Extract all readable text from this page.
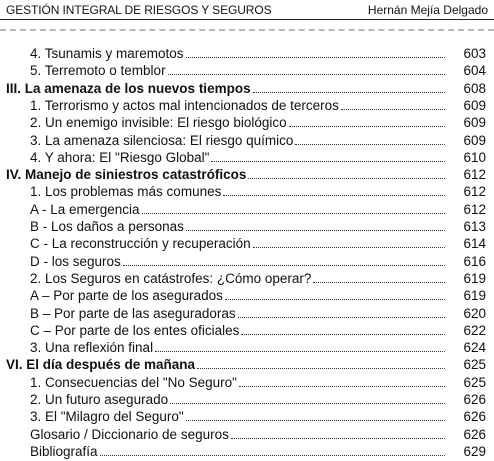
GESTIÓN INTEGRAL DE RIESGOS Y SEGUROS	Hernán Mejía Delgado
4. Tsunamis y maremotos	603
5. Terremoto o temblor	604
III. La amenaza de los nuevos tiempos	608
1. Terrorismo y actos mal intencionados de terceros	609
2. Un enemigo invisible: El riesgo biológico	609
3. La amenaza silenciosa: El riesgo químico	609
4. Y ahora: El "Riesgo Global"	610
IV. Manejo de siniestros catastróficos	612
1. Los problemas más comunes	612
A - La emergencia	612
B - Los daños a personas	613
C - La reconstrucción y recuperación	614
D - los seguros	616
2. Los Seguros en catástrofes: ¿Cómo operar?	619
A – Por parte de los asegurados	619
B – Por parte de las aseguradoras	620
C – Por parte de los entes oficiales	622
3. Una reflexión final	624
VI. El día después de mañana	625
1. Consecuencias del "No Seguro"	625
2. Un futuro asegurado	626
3. El "Milagro del Seguro"	626
Glosario / Diccionario de seguros	626
Bibliografía	629
